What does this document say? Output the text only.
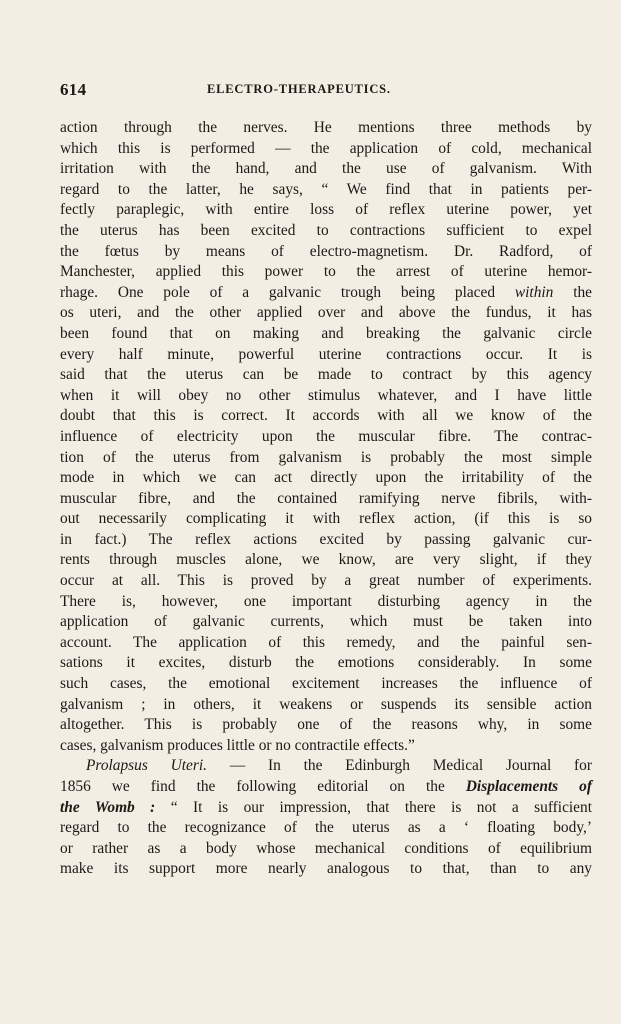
614	ELECTRO-THERAPEUTICS.
action through the nerves. He mentions three methods by
which this is performed — the application of cold, mechanical
irritation with the hand, and the use of galvanism. With
regard to the latter, he says, “ We find that in patients per-
fectly paraplegic, with entire loss of reflex uterine power, yet
the uterus has been excited to contractions sufficient to expel
the fœtus by means of electro-magnetism. Dr. Radford, of
Manchester, applied this power to the arrest of uterine hemor-
rhage. One pole of a galvanic trough being placed within the
os uteri, and the other applied over and above the fundus, it has
been found that on making and breaking the galvanic circle
every half minute, powerful uterine contractions occur. It is
said that the uterus can be made to contract by this agency
when it will obey no other stimulus whatever, and I have little
doubt that this is correct. It accords with all we know of the
influence of electricity upon the muscular fibre. The contrac-
tion of the uterus from galvanism is probably the most simple
mode in which we can act directly upon the irritability of the
muscular fibre, and the contained ramifying nerve fibrils, with-
out necessarily complicating it with reflex action, (if this is so
in fact.) The reflex actions excited by passing galvanic cur-
rents through muscles alone, we know, are very slight, if they
occur at all. This is proved by a great number of experiments.
There is, however, one important disturbing agency in the
application of galvanic currents, which must be taken into
account. The application of this remedy, and the painful sen-
sations it excites, disturb the emotions considerably. In some
such cases, the emotional excitement increases the influence of
galvanism ; in others, it weakens or suspends its sensible action
altogether. This is probably one of the reasons why, in some
cases, galvanism produces little or no contractile effects.”
Prolapsus Uteri. — In the Edinburgh Medical Journal for
1856 we find the following editorial on the Displacements of
the Womb : “ It is our impression, that there is not a sufficient
regard to the recognizance of the uterus as a ‘ floating body,’
or rather as a body whose mechanical conditions of equilibrium
make its support more nearly analogous to that, than to any
